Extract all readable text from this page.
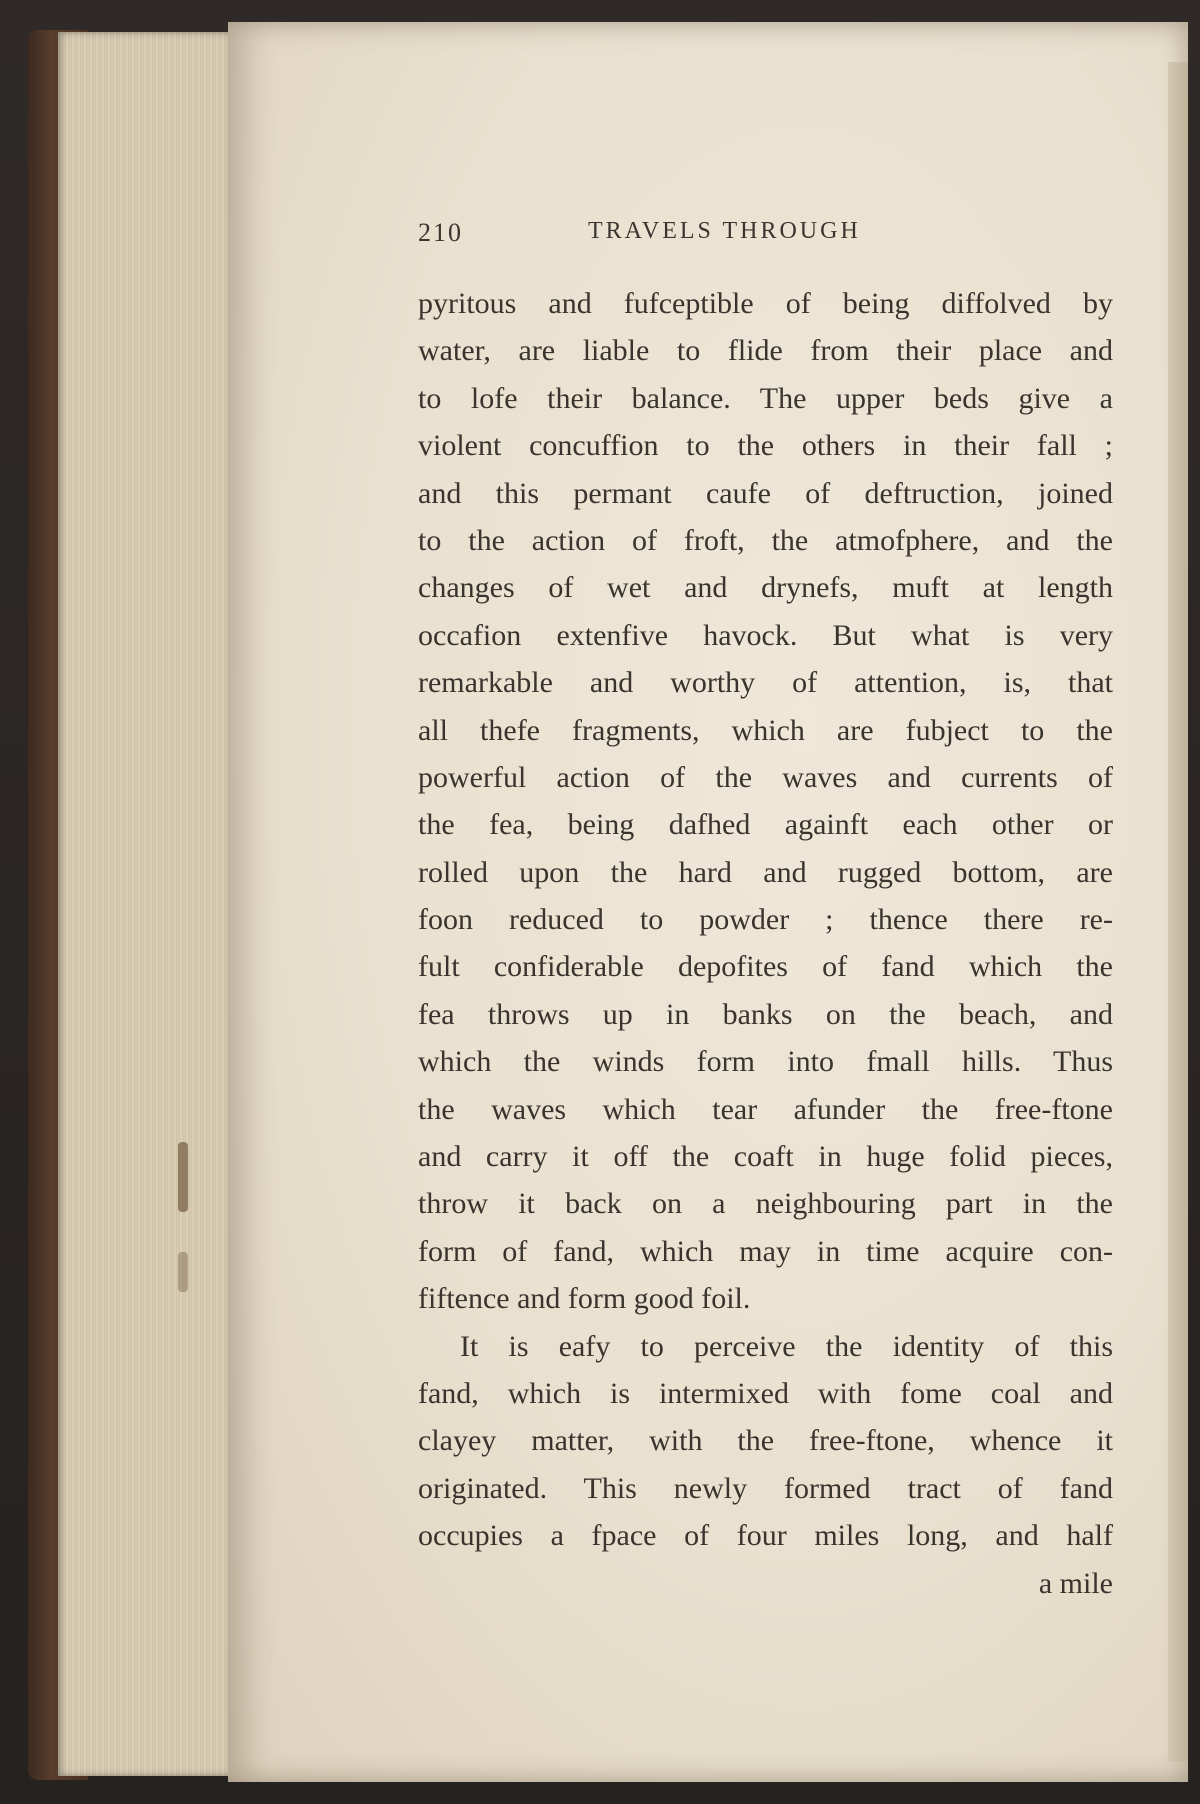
210	TRAVELS THROUGH
pyritous and fufceptible of being diffolved by
water, are liable to flide from their place and
to lofe their balance. The upper beds give a
violent concuffion to the others in their fall ;
and this permant caufe of deftruction, joined
to the action of froft, the atmofphere, and the
changes of wet and drynefs, muft at length
occafion extenfive havock. But what is very
remarkable and worthy of attention, is, that
all thefe fragments, which are fubject to the
powerful action of the waves and currents of
the fea, being dafhed againft each other or
rolled upon the hard and rugged bottom, are
foon reduced to powder ; thence there re-
fult confiderable depofites of fand which the
fea throws up in banks on the beach, and
which the winds form into fmall hills. Thus
the waves which tear afunder the free-ftone
and carry it off the coaft in huge folid pieces,
throw it back on a neighbouring part in the
form of fand, which may in time acquire con-
fiftence and form good foil.
It is eafy to perceive the identity of this
fand, which is intermixed with fome coal and
clayey matter, with the free-ftone, whence it
originated. This newly formed tract of fand
occupies a fpace of four miles long, and half
a mile
